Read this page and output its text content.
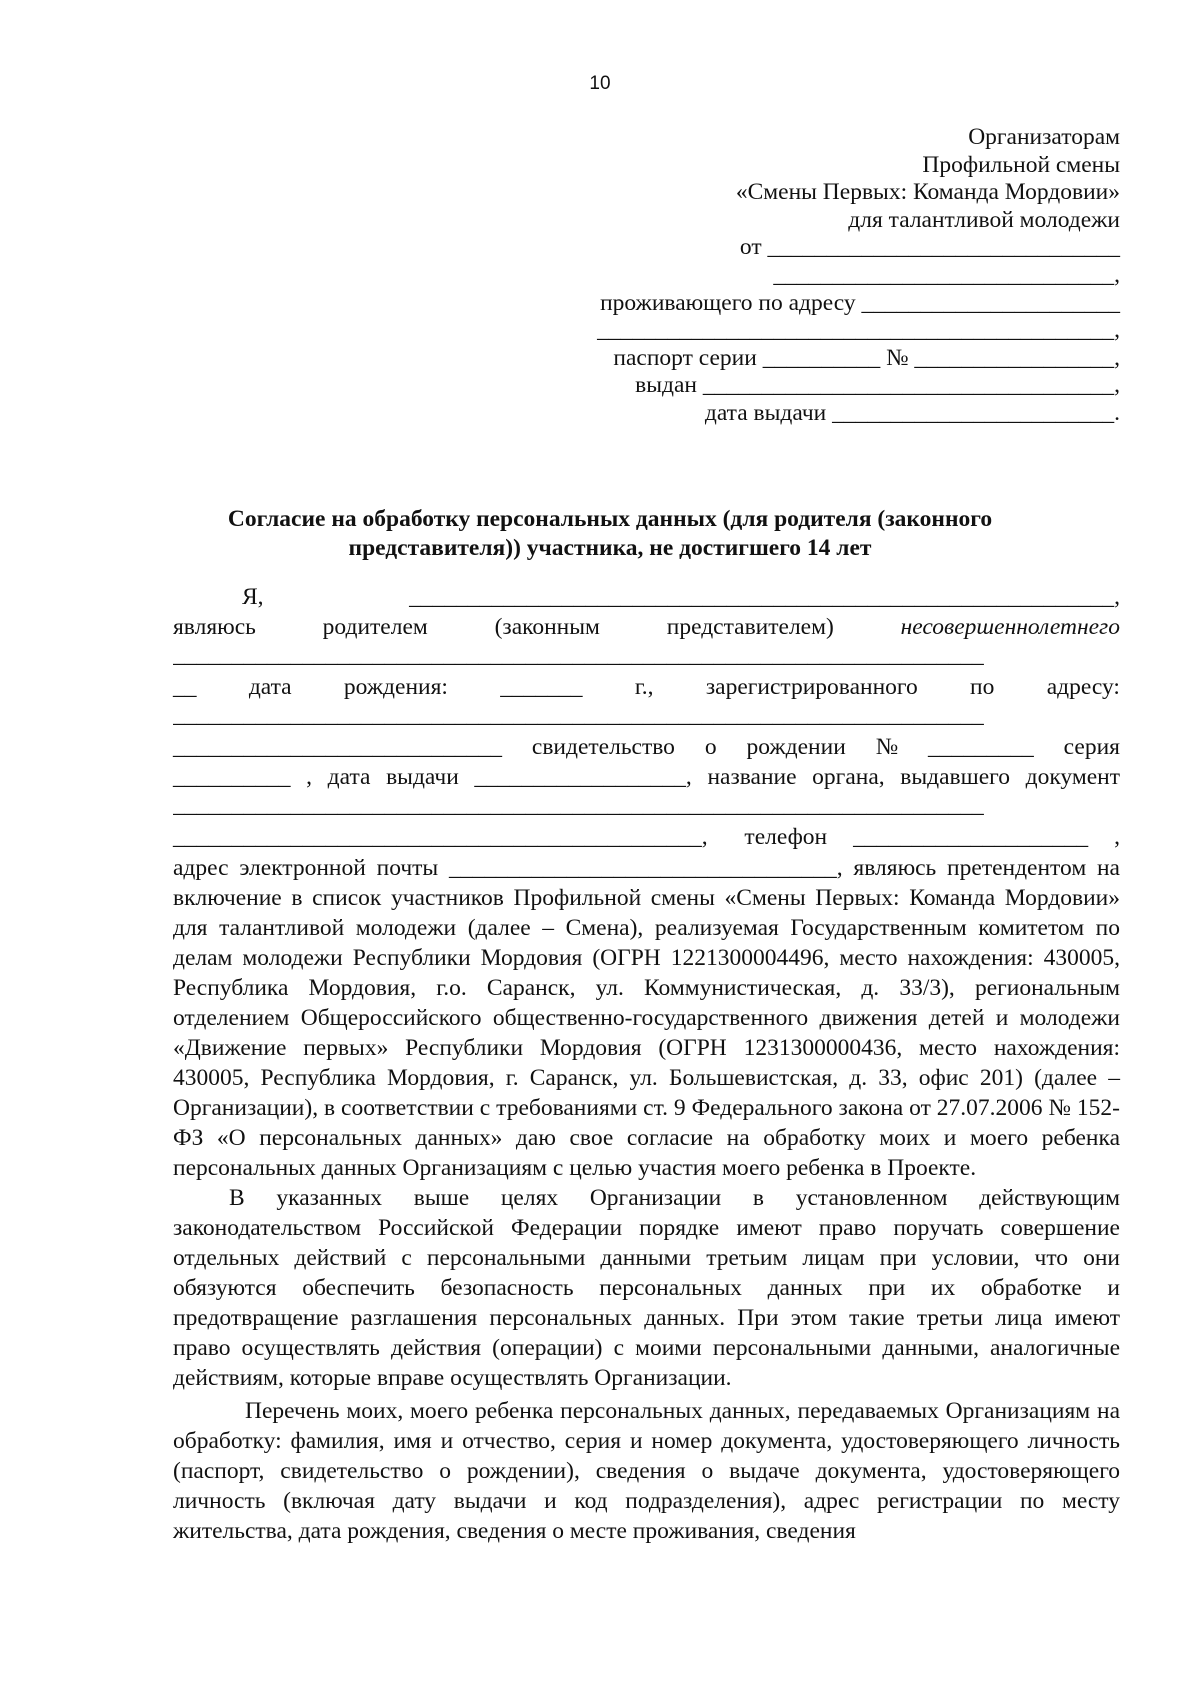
10
Организаторам
Профильной смены
«Смены Первых: Команда Мордовии»
для талантливой молодежи
от ______________________________
_____________________________,
проживающего по адресу ______________________
____________________________________________,
паспорт серии __________ № _________________,
выдан ___________________________________,
дата выдачи ________________________.
Согласие на обработку персональных данных (для родителя (законного
представителя)) участника, не достигшего 14 лет
Я,	____________________________________________________________,
являюсь	родителем	(законным	представителем)	несовершеннолетнего
_____________________________________________________________________
__ дата рождения: _______ г., зарегистрированного по адресу:
_____________________________________________________________________
____________________________ свидетельство о рождении № _________ серия
__________ , дата выдачи __________________, название органа, выдавшего документ
_____________________________________________________________________
_____________________________________________, телефон ____________________ ,

адрес электронной почты _________________________________, являюсь претендентом на включение в список участников Профильной смены «Смены Первых: Команда Мордовии» для талантливой молодежи (далее – Смена), реализуемая Государственным комитетом по делам молодежи Республики Мордовия (ОГРН 1221300004496, место нахождения: 430005, Республика Мордовия, г.о. Саранск, ул. Коммунистическая, д. 33/3), региональным отделением Общероссийского общественно-государственного движения детей и молодежи «Движение первых» Республики Мордовия (ОГРН 1231300000436, место нахождения: 430005, Республика Мордовия, г. Саранск, ул. Большевистская, д. 33, офис 201) (далее – Организации), в соответствии с требованиями ст. 9 Федерального закона от 27.07.2006 № 152-ФЗ «О персональных данных» даю свое согласие на обработку моих и моего ребенка персональных данных Организациям с целью участия моего ребенка в Проекте.

В указанных выше целях Организации в установленном действующим законодательством Российской Федерации порядке имеют право поручать совершение отдельных действий с персональными данными третьим лицам при условии, что они обязуются обеспечить безопасность персональных данных при их обработке и предотвращение разглашения персональных данных. При этом такие третьи лица имеют право осуществлять действия (операции) с моими персональными данными, аналогичные действиям, которые вправе осуществлять Организации.

Перечень моих, моего ребенка персональных данных, передаваемых Организациям на обработку: фамилия, имя и отчество, серия и номер документа, удостоверяющего личность (паспорт, свидетельство о рождении), сведения о выдаче документа, удостоверяющего личность (включая дату выдачи и код подразделения), адрес регистрации по месту жительства, дата рождения, сведения о месте проживания, сведения
